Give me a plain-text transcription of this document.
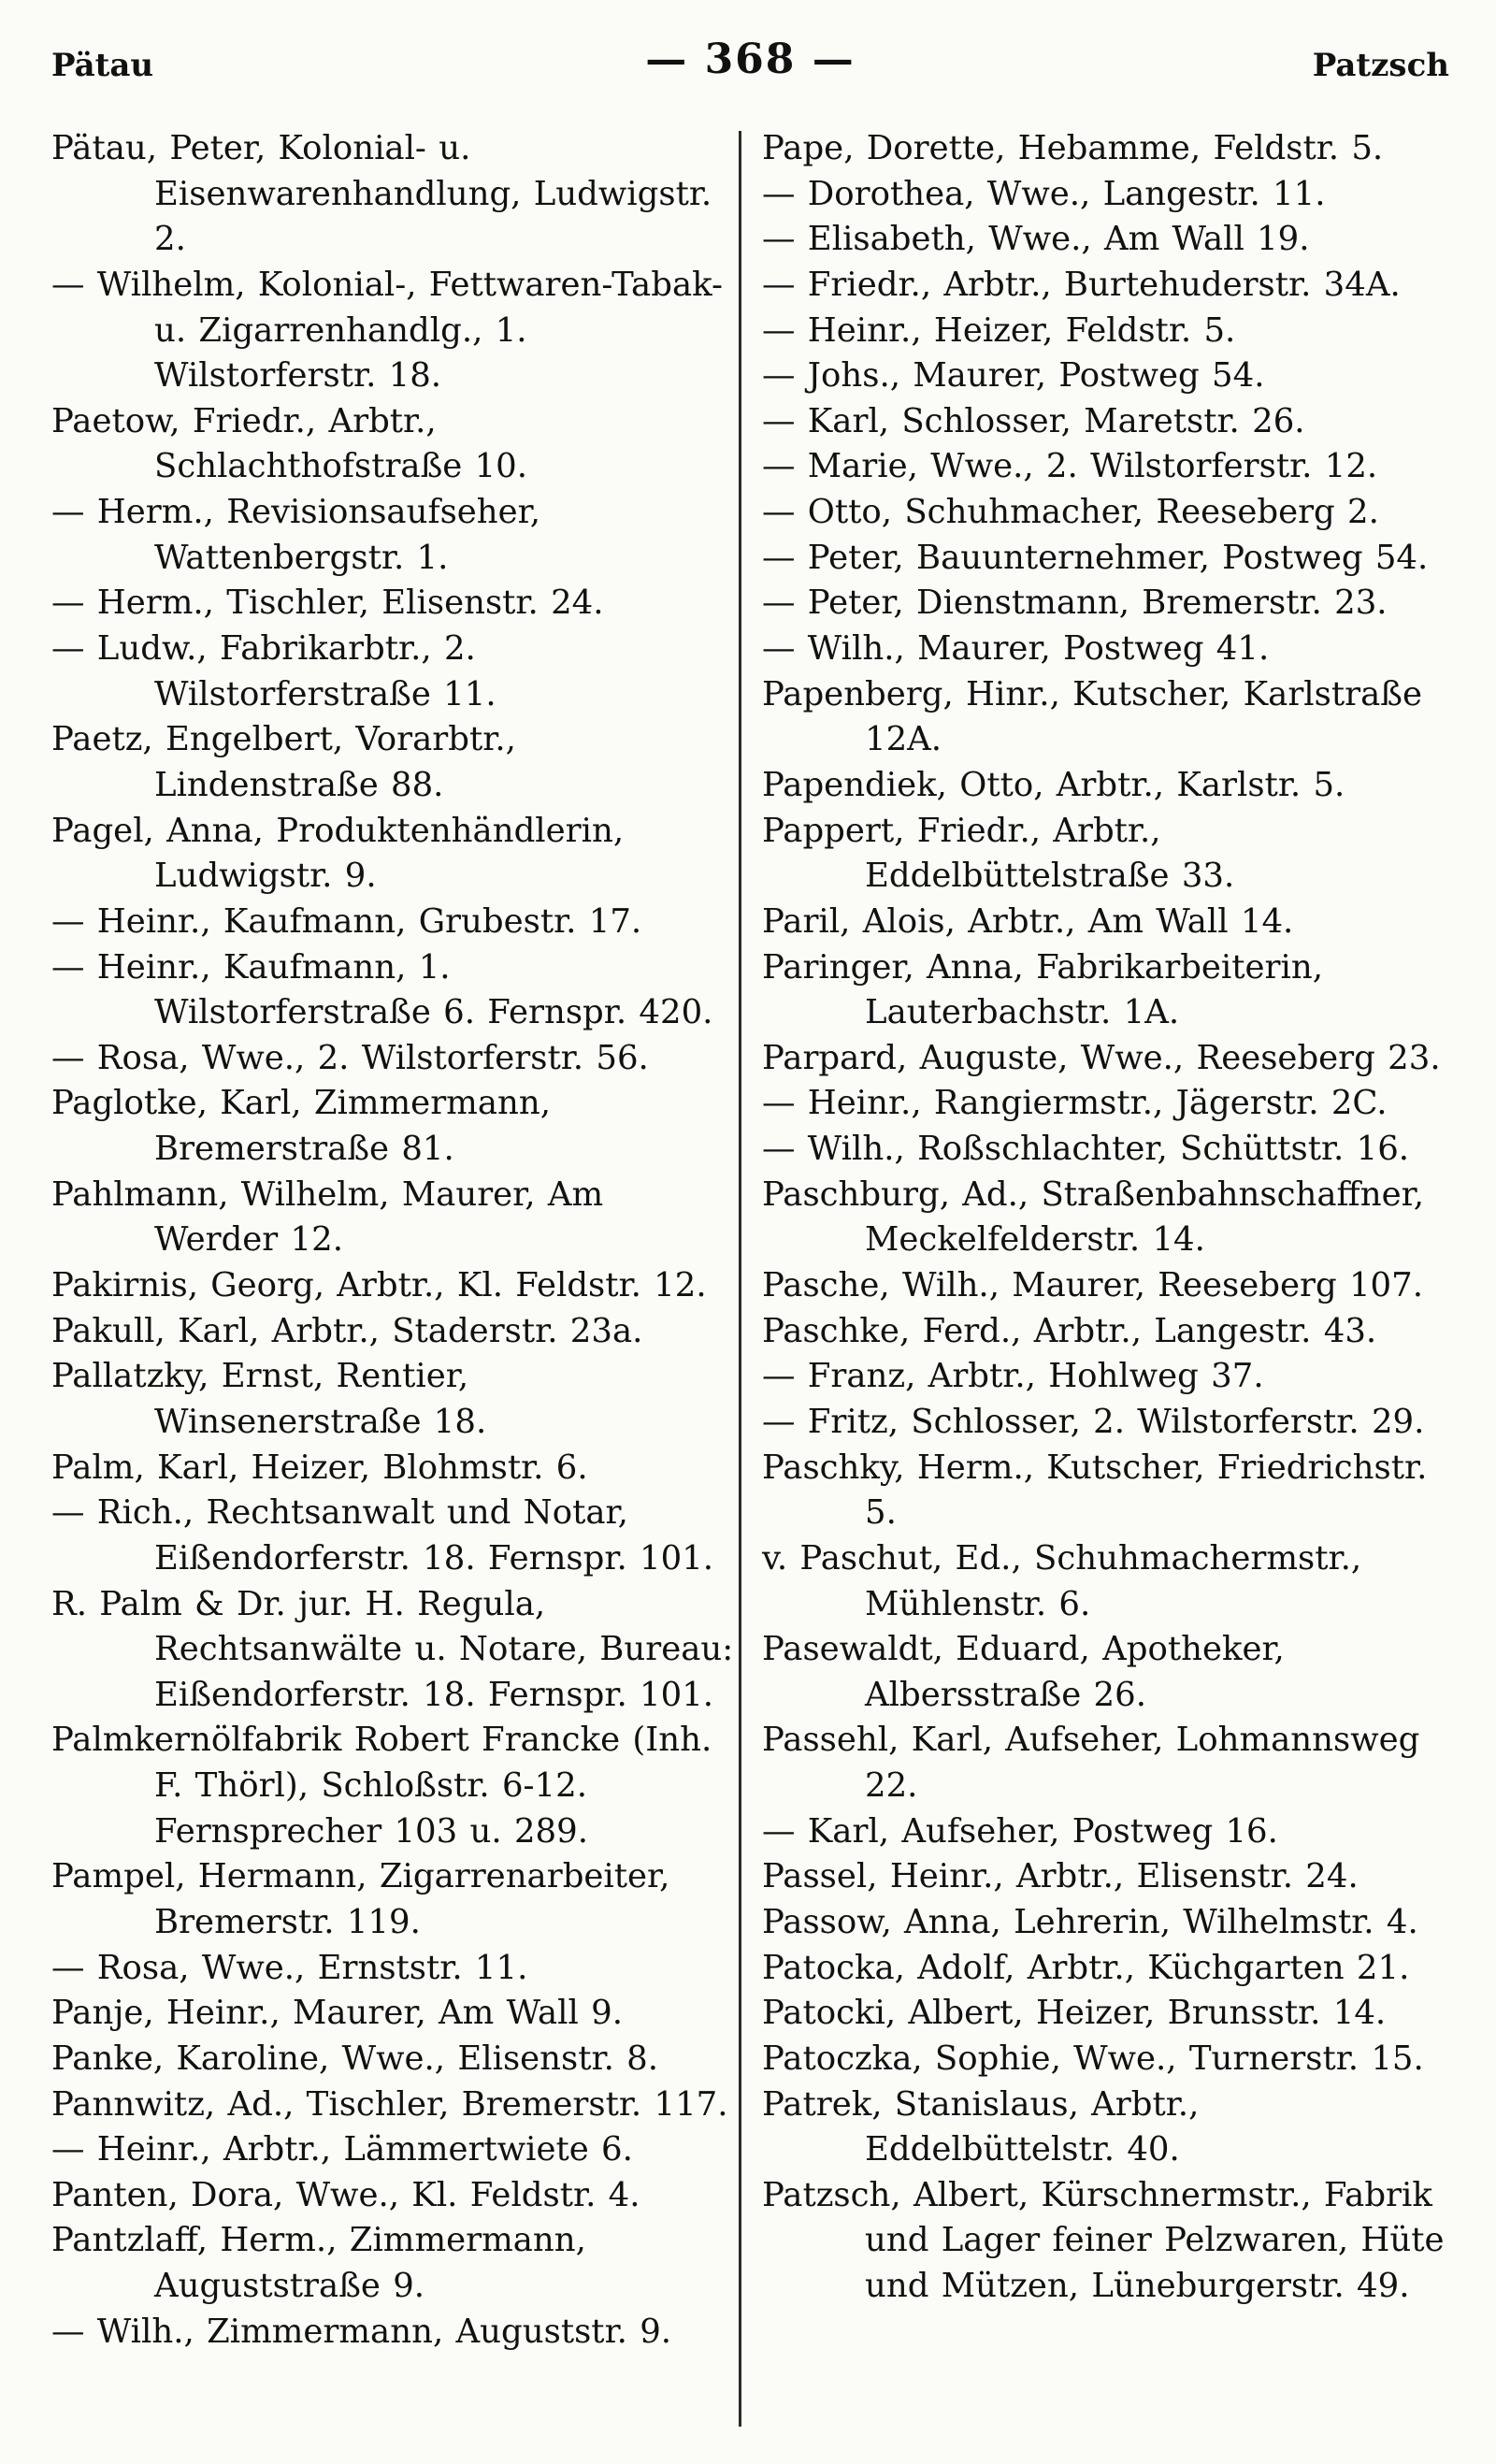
Pätau	— 368 —	Patzsch

Pätau, Peter, Kolonial- u. Eisenwarenhandlung, Ludwigstr. 2.

— Wilhelm, Kolonial-, Fettwaren-Tabak- u. Zigarrenhandlg., 1. Wilstorferstr. 18.

Paetow, Friedr., Arbtr., Schlachthofstraße 10.

— Herm., Revisionsaufseher, Wattenbergstr. 1.

— Herm., Tischler, Elisenstr. 24.

— Ludw., Fabrikarbtr., 2. Wilstorferstraße 11.

Paetz, Engelbert, Vorarbtr., Lindenstraße 88.

Pagel, Anna, Produktenhändlerin, Ludwigstr. 9.

— Heinr., Kaufmann, Grubestr. 17.

— Heinr., Kaufmann, 1. Wilstorferstraße 6. Fernspr. 420.

— Rosa, Wwe., 2. Wilstorferstr. 56.

Paglotke, Karl, Zimmermann, Bremerstraße 81.

Pahlmann, Wilhelm, Maurer, Am Werder 12.

Pakirnis, Georg, Arbtr., Kl. Feldstr. 12.

Pakull, Karl, Arbtr., Staderstr. 23a.

Pallatzky, Ernst, Rentier, Winsenerstraße 18.

Palm, Karl, Heizer, Blohmstr. 6.

— Rich., Rechtsanwalt und Notar, Eißendorferstr. 18. Fernspr. 101.

R. Palm & Dr. jur. H. Regula, Rechtsanwälte u. Notare, Bureau: Eißendorferstr. 18. Fernspr. 101.

Palmkernölfabrik Robert Francke (Inh. F. Thörl), Schloßstr. 6-12. Fernsprecher 103 u. 289.

Pampel, Hermann, Zigarrenarbeiter, Bremerstr. 119.

— Rosa, Wwe., Ernststr. 11.

Panje, Heinr., Maurer, Am Wall 9.

Panke, Karoline, Wwe., Elisenstr. 8.

Pannwitz, Ad., Tischler, Bremerstr. 117.

— Heinr., Arbtr., Lämmertwiete 6.

Panten, Dora, Wwe., Kl. Feldstr. 4.

Pantzlaff, Herm., Zimmermann, Auguststraße 9.

— Wilh., Zimmermann, Auguststr. 9.

Pape, Dorette, Hebamme, Feldstr. 5.

— Dorothea, Wwe., Langestr. 11.

— Elisabeth, Wwe., Am Wall 19.

— Friedr., Arbtr., Burtehuderstr. 34A.

— Heinr., Heizer, Feldstr. 5.

— Johs., Maurer, Postweg 54.

— Karl, Schlosser, Maretstr. 26.

— Marie, Wwe., 2. Wilstorferstr. 12.

— Otto, Schuhmacher, Reeseberg 2.

— Peter, Bauunternehmer, Postweg 54.

— Peter, Dienstmann, Bremerstr. 23.

— Wilh., Maurer, Postweg 41.

Papenberg, Hinr., Kutscher, Karlstraße 12A.

Papendiek, Otto, Arbtr., Karlstr. 5.

Pappert, Friedr., Arbtr., Eddelbüttelstraße 33.

Paril, Alois, Arbtr., Am Wall 14.

Paringer, Anna, Fabrikarbeiterin, Lauterbachstr. 1A.

Parpard, Auguste, Wwe., Reeseberg 23.

— Heinr., Rangiermstr., Jägerstr. 2C.

— Wilh., Roßschlachter, Schüttstr. 16.

Paschburg, Ad., Straßenbahnschaffner, Meckelfelderstr. 14.

Pasche, Wilh., Maurer, Reeseberg 107.

Paschke, Ferd., Arbtr., Langestr. 43.

— Franz, Arbtr., Hohlweg 37.

— Fritz, Schlosser, 2. Wilstorferstr. 29.

Paschky, Herm., Kutscher, Friedrichstr. 5.

v. Paschut, Ed., Schuhmachermstr., Mühlenstr. 6.

Pasewaldt, Eduard, Apotheker, Albersstraße 26.

Passehl, Karl, Aufseher, Lohmannsweg 22.

— Karl, Aufseher, Postweg 16.

Passel, Heinr., Arbtr., Elisenstr. 24.

Passow, Anna, Lehrerin, Wilhelmstr. 4.

Patocka, Adolf, Arbtr., Küchgarten 21.

Patocki, Albert, Heizer, Brunsstr. 14.

Patoczka, Sophie, Wwe., Turnerstr. 15.

Patrek, Stanislaus, Arbtr., Eddelbüttelstr. 40.

Patzsch, Albert, Kürschnermstr., Fabrik und Lager feiner Pelzwaren, Hüte und Mützen, Lüneburgerstr. 49.
